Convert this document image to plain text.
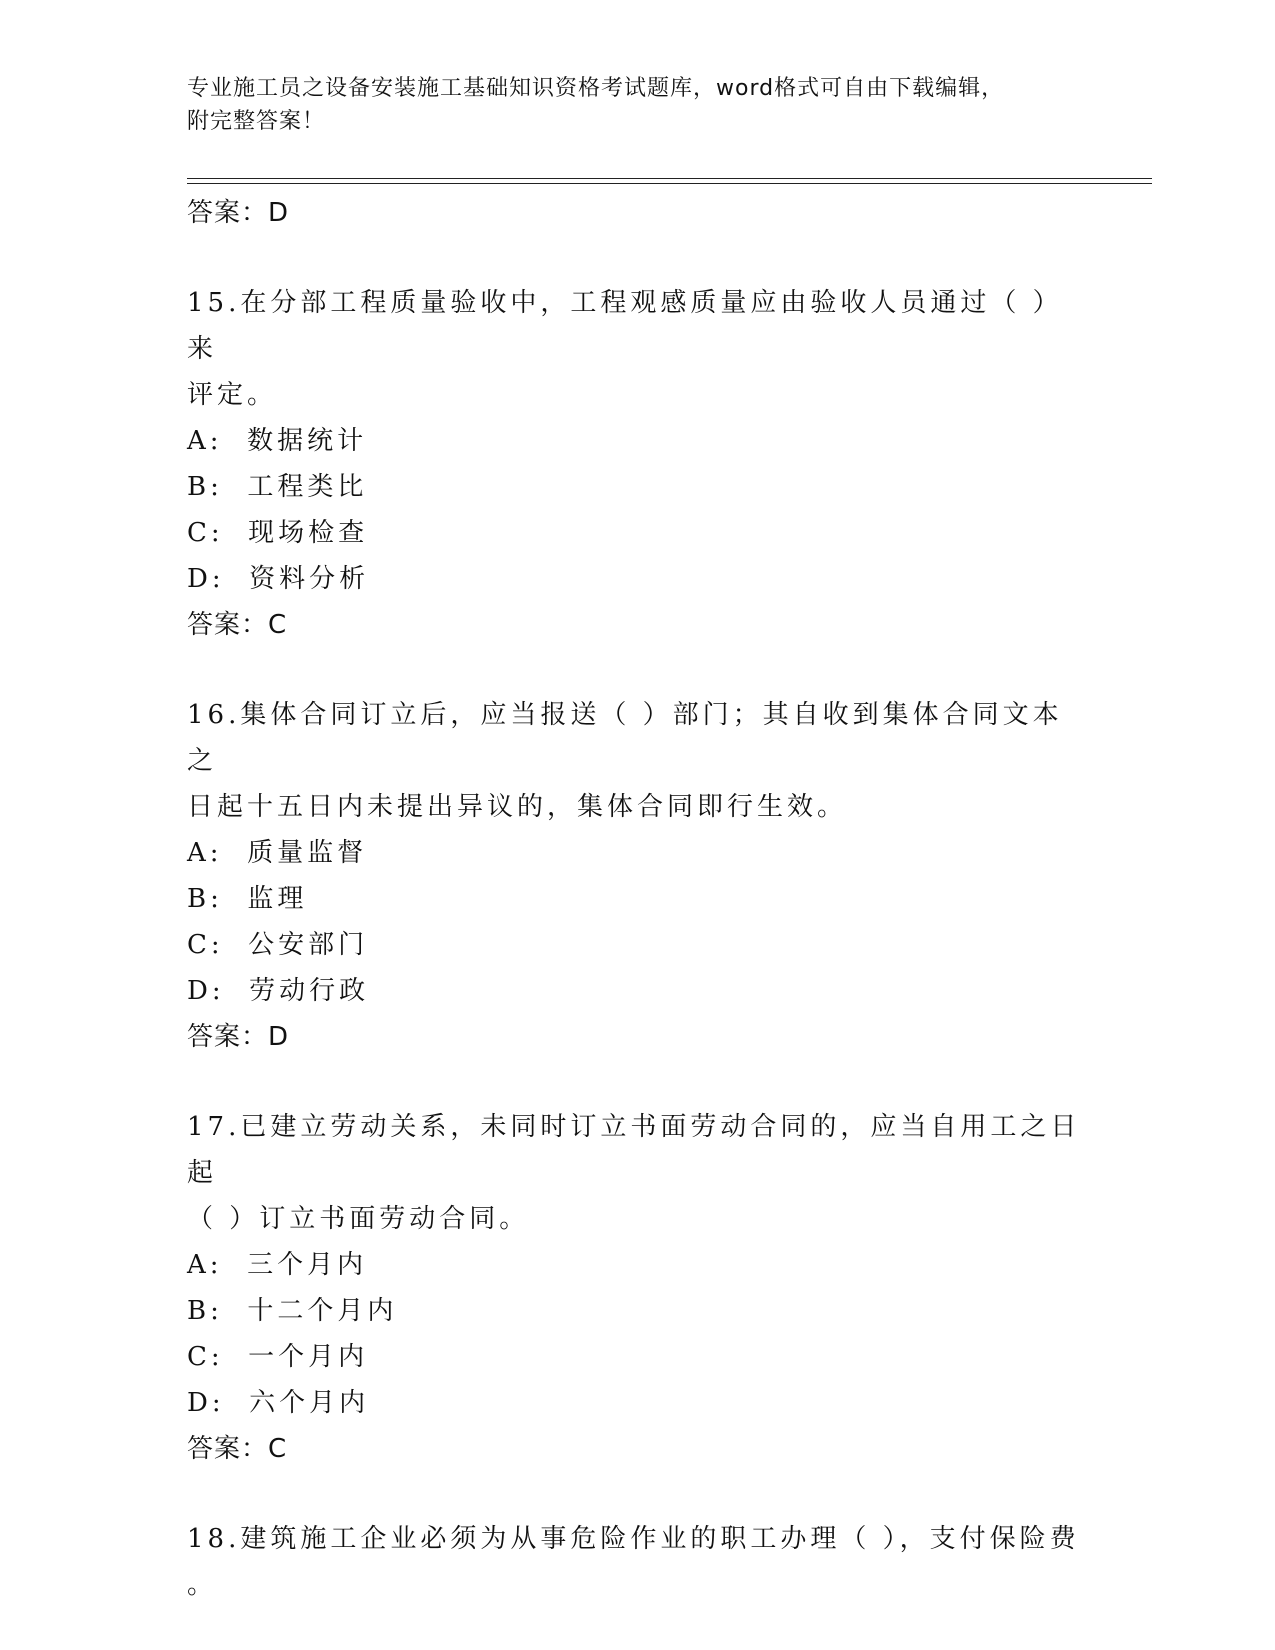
专业施工员之设备安装施工基础知识资格考试题库，word格式可自由下载编辑，
附完整答案！
答案：D
15.在分部工程质量验收中，工程观感质量应由验收人员通过（ ）来
评定。
A:  数据统计
B:  工程类比
C:  现场检查
D:  资料分析
答案：C
16.集体合同订立后，应当报送（ ）部门；其自收到集体合同文本之
日起十五日内未提出异议的，集体合同即行生效。
A:  质量监督
B:  监理
C:  公安部门
D:  劳动行政
答案：D
17.已建立劳动关系，未同时订立书面劳动合同的，应当自用工之日起
（ ）订立书面劳动合同。
A:  三个月内
B:  十二个月内
C:  一个月内
D:  六个月内
答案：C
18.建筑施工企业必须为从事危险作业的职工办理（ ），支付保险费
。
